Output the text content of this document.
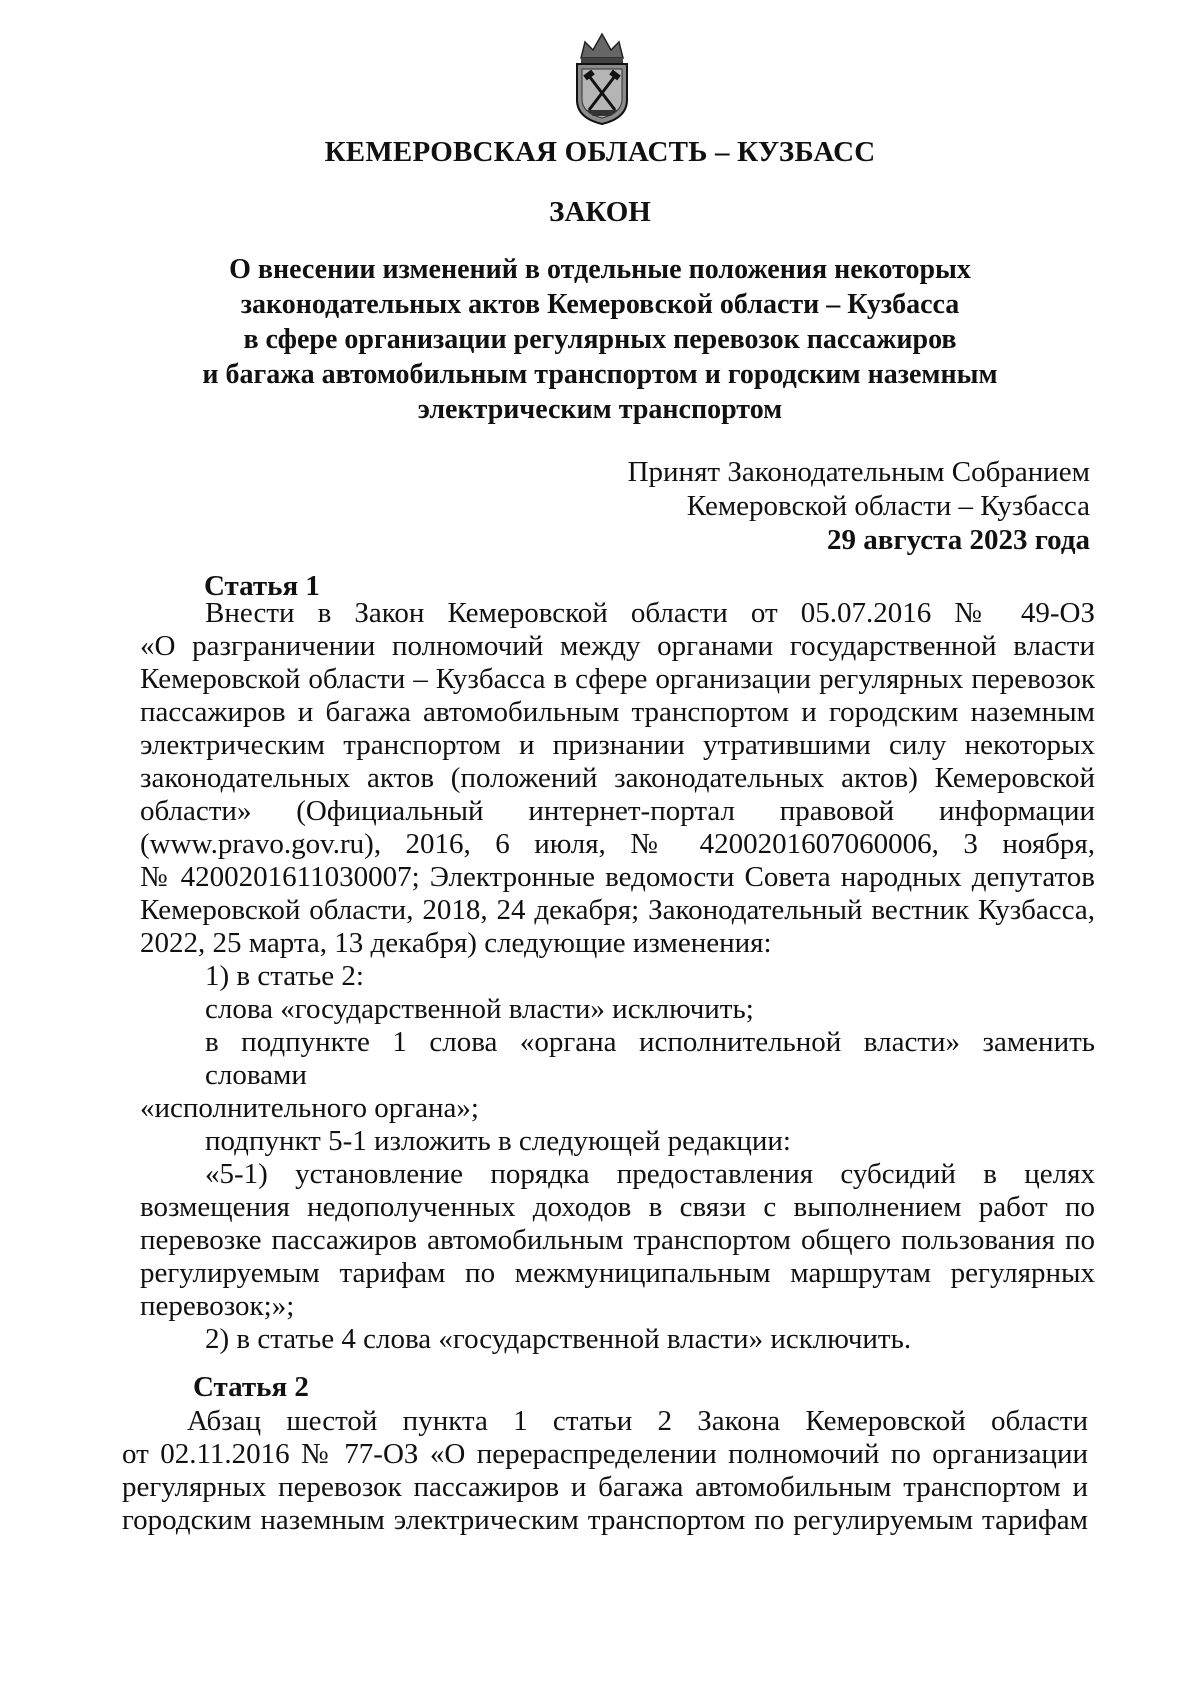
КЕМЕРОВСКАЯ ОБЛАСТЬ – КУЗБАСС
ЗАКОН
О внесении изменений в отдельные положения некоторых
законодательных актов Кемеровской области – Кузбасса
в сфере организации регулярных перевозок пассажиров
и багажа автомобильным транспортом и городским наземным
электрическим транспортом
Принят Законодательным Собранием
Кемеровской области – Кузбасса
29 августа 2023 года
Статья 1
Внести в Закон Кемеровской области от 05.07.2016 № 49-ОЗ
«О разграничении полномочий между органами государственной власти
Кемеровской области – Кузбасса в сфере организации регулярных перевозок
пассажиров и багажа автомобильным транспортом и городским наземным
электрическим транспортом и признании утратившими силу некоторых
законодательных актов (положений законодательных актов) Кемеровской
области» (Официальный интернет-портал правовой информации
(www.pravo.gov.ru), 2016, 6 июля, № 4200201607060006, 3 ноября,
№ 4200201611030007; Электронные ведомости Совета народных депутатов
Кемеровской области, 2018, 24 декабря; Законодательный вестник Кузбасса,
2022, 25 марта, 13 декабря) следующие изменения:
1) в статье 2:
слова «государственной власти» исключить;
в подпункте 1 слова «органа исполнительной власти» заменить словами
«исполнительного органа»;
подпункт 5-1 изложить в следующей редакции:
«5-1) установление порядка предоставления субсидий в целях
возмещения недополученных доходов в связи с выполнением работ по
перевозке пассажиров автомобильным транспортом общего пользования по
регулируемым тарифам по межмуниципальным маршрутам регулярных
перевозок;»;
2) в статье 4 слова «государственной власти» исключить.
Статья 2
Абзац шестой пункта 1 статьи 2 Закона Кемеровской области
от 02.11.2016 № 77-ОЗ «О перераспределении полномочий по организации
регулярных перевозок пассажиров и багажа автомобильным транспортом и
городским наземным электрическим транспортом по регулируемым тарифам
